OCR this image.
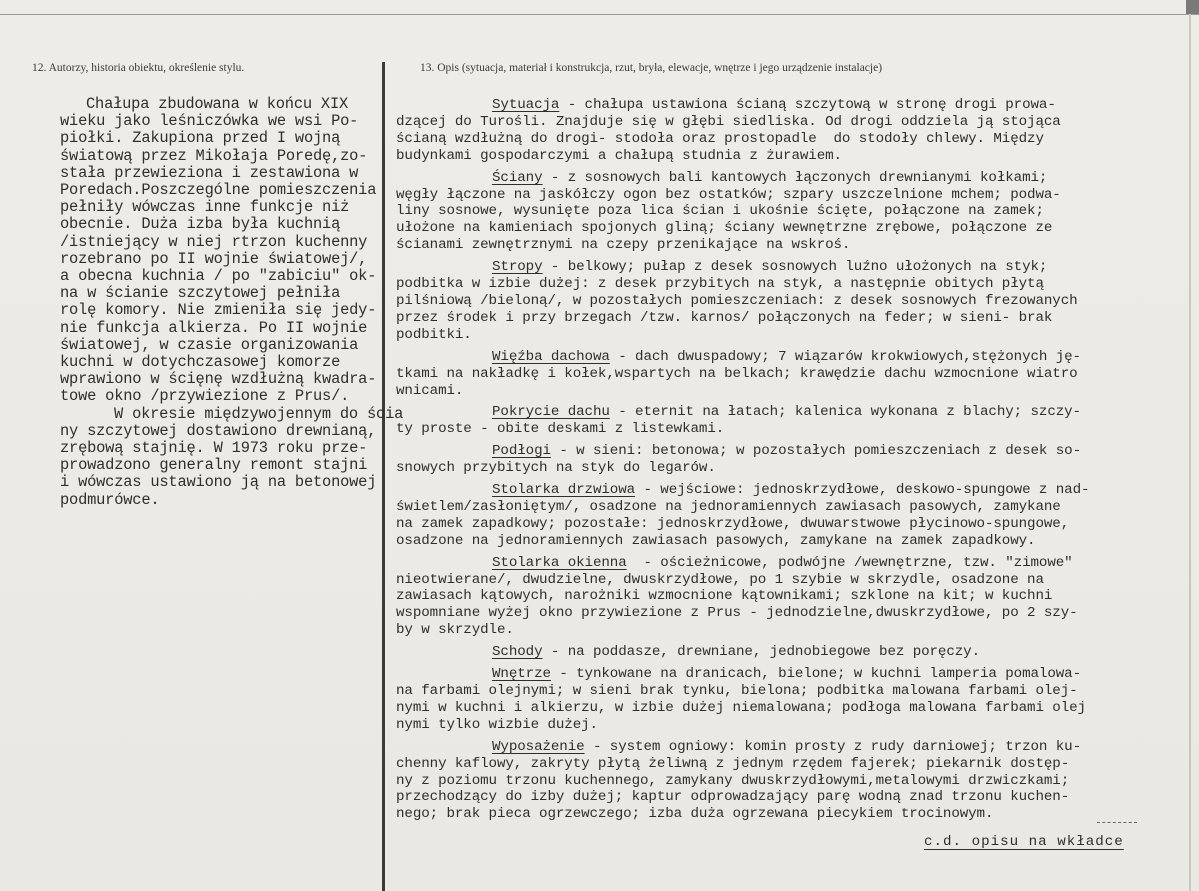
12. Autorzy, historia obiektu, określenie stylu.	13. Opis (sytuacja, materiał i konstrukcja, rzut, bryła, elewacje, wnętrze i jego urządzenie instalacje)
Chałupa zbudowana w końcu XIX
wieku jako leśniczówka we wsi Po-
piołki. Zakupiona przed I wojną
światową przez Mikołaja Poredę,zo-
stała przewieziona i zestawiona w
Poredach.Poszczególne pomieszczenia
pełniły wówczas inne funkcje niż
obecnie. Duża izba była kuchnią
/istniejący w niej rtrzon kuchenny
rozebrano po II wojnie światowej/,
a obecna kuchnia / po "zabiciu" ok-
na w ścianie szczytowej pełniła
rolę komory. Nie zmieniła się jedy-
nie funkcja alkierza. Po II wojnie
światowej, w czasie organizowania
kuchni w dotychczasowej komorze
wprawiono w ścięnę wzdłużną kwadra-
towe okno /przywiezione z Prus/.
W okresie międzywojennym do ścia
ny szczytowej dostawiono drewnianą,
zrębową stajnię. W 1973 roku prze-
prowadzono generalny remont stajni
i wówczas ustawiono ją na betonowej
podmurówce.
Sytuacja - chałupa ustawiona ścianą szczytową w stronę drogi prowa-
dzącej do Turośli. Znajduje się w głębi siedliska. Od drogi oddziela ją stojąca
ścianą wzdłużną do drogi- stodoła oraz prostopadle  do stodoły chlewy. Między
budynkami gospodarczymi a chałupą studnia z żurawiem.
Ściany - z sosnowych bali kantowych łączonych drewnianymi kołkami;
węgły łączone na jaskółczy ogon bez ostatków; szpary uszczelnione mchem; podwa-
liny sosnowe, wysunięte poza lica ścian i ukośnie ścięte, połączone na zamek;
ułożone na kamieniach spojonych gliną; ściany wewnętrzne zrębowe, połączone ze
ścianami zewnętrznymi na czepy przenikające na wskroś.
Stropy - belkowy; pułap z desek sosnowych luźno ułożonych na styk;
podbitka w izbie dużej: z desek przybitych na styk, a następnie obitych płytą
pilśniową /bieloną/, w pozostałych pomieszczeniach: z desek sosnowych frezowanych
przez środek i przy brzegach /tzw. karnos/ połączonych na feder; w sieni- brak
podbitki.
Więźba dachowa - dach dwuspadowy; 7 wiązarów krokwiowych,stężonych ję-
tkami na nakładkę i kołek,wspartych na belkach; krawędzie dachu wzmocnione wiatro
wnicami.
Pokrycie dachu - eternit na łatach; kalenica wykonana z blachy; szczy-
ty proste - obite deskami z listewkami.
Podłogi - w sieni: betonowa; w pozostałych pomieszczeniach z desek so-
snowych przybitych na styk do legarów.
Stolarka drzwiowa - wejściowe: jednoskrzydłowe, deskowo-spungowe z nad-
świetlem/zasłoniętym/, osadzone na jednoramiennych zawiasach pasowych, zamykane
na zamek zapadkowy; pozostałe: jednoskrzydłowe, dwuwarstwowe płycinowo-spungowe,
osadzone na jednoramiennych zawiasach pasowych, zamykane na zamek zapadkowy.
Stolarka okienna  - ościeżnicowe, podwójne /wewnętrzne, tzw. "zimowe"
nieotwierane/, dwudzielne, dwuskrzydłowe, po 1 szybie w skrzydle, osadzone na
zawiasach kątowych, narożniki wzmocnione kątownikami; szklone na kit; w kuchni
wspomniane wyżej okno przywiezione z Prus - jednodzielne,dwuskrzydłowe, po 2 szy-
by w skrzydle.
Schody - na poddasze, drewniane, jednobiegowe bez poręczy.
Wnętrze - tynkowane na dranicach, bielone; w kuchni lamperia pomalowa-
na farbami olejnymi; w sieni brak tynku, bielona; podbitka malowana farbami olej-
nymi w kuchni i alkierzu, w izbie dużej niemalowana; podłoga malowana farbami olej
nymi tylko wizbie dużej.
Wyposażenie - system ogniowy: komin prosty z rudy darniowej; trzon ku-
chenny kaflowy, zakryty płytą żeliwną z jednym rzędem fajerek; piekarnik dostęp-
ny z poziomu trzonu kuchennego, zamykany dwuskrzydłowymi,metalowymi drzwiczkami;
przechodzący do izby dużej; kaptur odprowadzający parę wodną znad trzonu kuchen-
nego; brak pieca ogrzewczego; izba duża ogrzewana piecykiem trocinowym.
c.d. opisu na wkładce
